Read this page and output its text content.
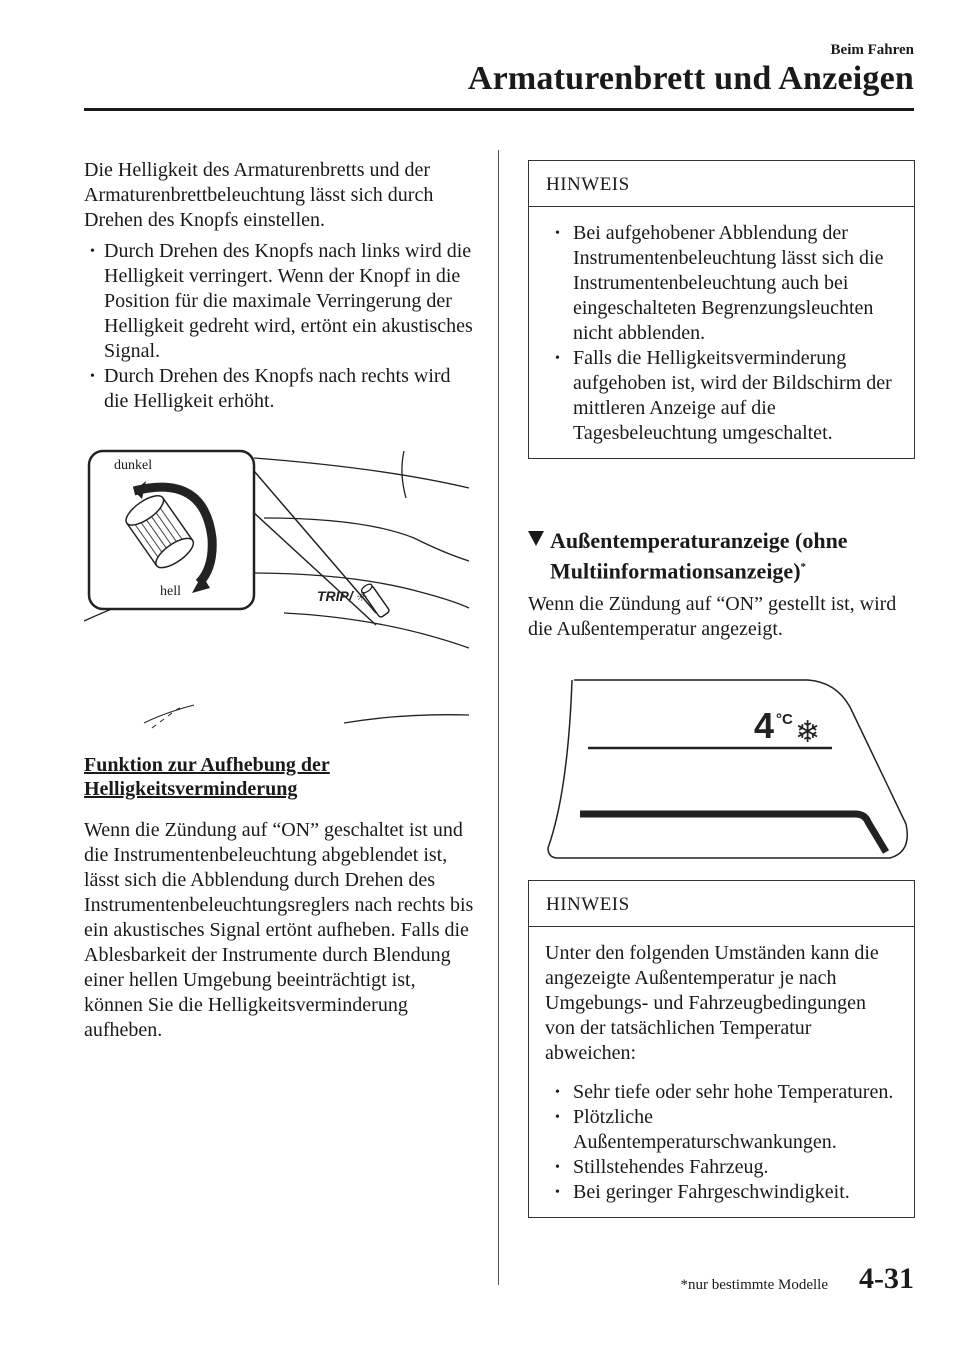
Beim Fahren
Armaturenbrett und Anzeigen

Die Helligkeit des Armaturenbretts und der Armaturenbrettbeleuchtung lässt sich durch Drehen des Knopfs einstellen.

• Durch Drehen des Knopfs nach links wird die Helligkeit verringert. Wenn der Knopf in die Position für die maximale Verringerung der Helligkeit gedreht wird, ertönt ein akustisches Signal.
• Durch Drehen des Knopfs nach rechts wird die Helligkeit erhöht.
TRIP/ ☼
dunkel
hell
Funktion zur Aufhebung der Helligkeitsverminderung

Wenn die Zündung auf “ON” geschaltet ist und die Instrumentenbeleuchtung abgeblendet ist, lässt sich die Abblendung durch Drehen des Instrumentenbeleuchtungsreglers nach rechts bis ein akustisches Signal ertönt aufheben. Falls die Ablesbarkeit der Instrumente durch Blendung einer hellen Umgebung beeinträchtigt ist, können Sie die Helligkeitsverminderung aufheben.

HINWEIS
• Bei aufgehobener Abblendung der Instrumentenbeleuchtung lässt sich die Instrumentenbeleuchtung auch bei eingeschalteten Begrenzungsleuchten nicht abblenden.
• Falls die Helligkeitsverminderung aufgehoben ist, wird der Bildschirm der mittleren Anzeige auf die Tagesbeleuchtung umgeschaltet.
Außentemperaturanzeige (ohne
Multiinformationsanzeige)*

Wenn die Zündung auf “ON” gestellt ist, wird die Außentemperatur angezeigt.

4 °C ❄
HINWEIS

Unter den folgenden Umständen kann die angezeigte Außentemperatur je nach Umgebungs- und Fahrzeugbedingungen von der tatsächlichen Temperatur abweichen:

• Sehr tiefe oder sehr hohe Temperaturen.
• Plötzliche Außentemperaturschwankungen.
• Stillstehendes Fahrzeug.
• Bei geringer Fahrgeschwindigkeit.
*nur bestimmte Modelle 4-31
